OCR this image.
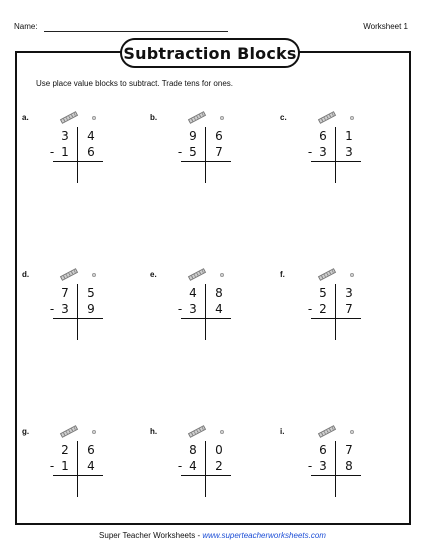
Name:	Worksheet 1
Subtraction Blocks
Use place value blocks to subtract. Trade tens for ones.
a.
3	4
- 1	6
b.
9	6
- 5	7
c.
6	1
- 3	3
d.
7	5
- 3	9
e.
4	8
- 3	4
f.
5	3
- 2	7
g.
2	6
- 1	4
h.
8	0
- 4	2
i.
6	7
- 3	8
Super Teacher Worksheets - www.superteacherworksheets.com
